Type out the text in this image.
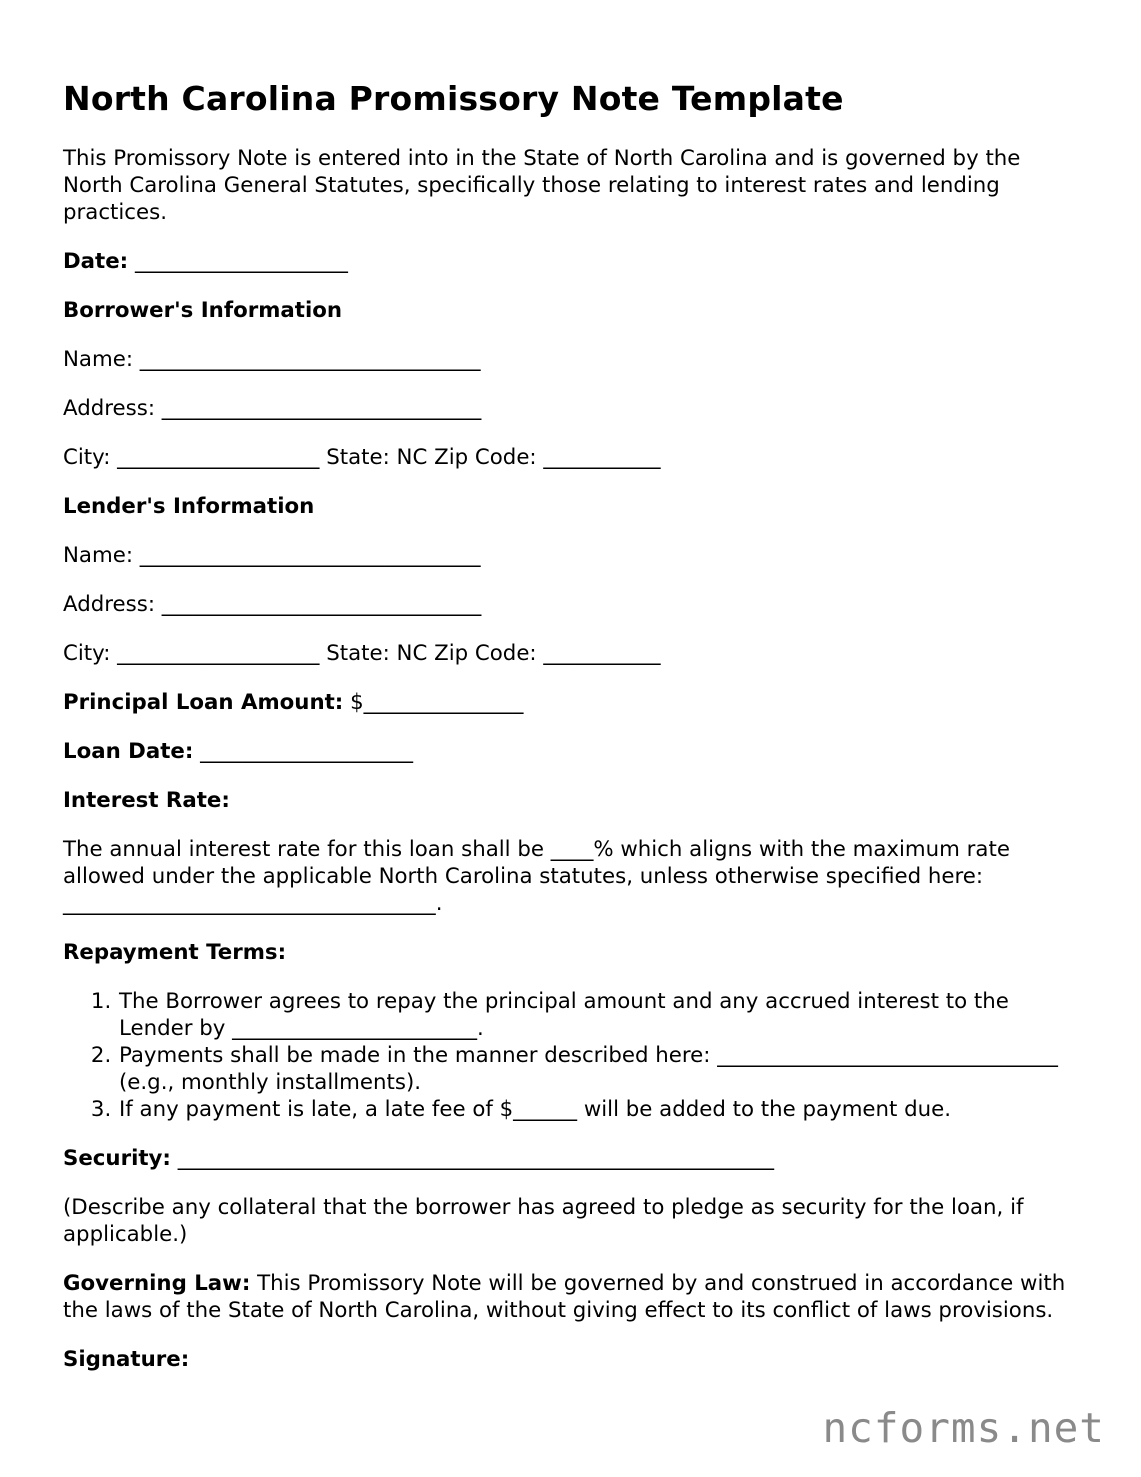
North Carolina Promissory Note Template

This Promissory Note is entered into in the State of North Carolina and is governed by the North Carolina General Statutes, specifically those relating to interest rates and lending practices.

Date: ____________________

Borrower's Information

Name: ________________________________

Address: ______________________________

City: ___________________ State: NC Zip Code: ___________

Lender's Information

Name: ________________________________

Address: ______________________________

City: ___________________ State: NC Zip Code: ___________

Principal Loan Amount: $_______________

Loan Date: ____________________

Interest Rate:

The annual interest rate for this loan shall be ____% which aligns with the maximum rate allowed under the applicable North Carolina statutes, unless otherwise specified here: ___________________________________.

Repayment Terms:

1. The Borrower agrees to repay the principal amount and any accrued interest to the Lender by _______________________.
2. Payments shall be made in the manner described here: ________________________________ (e.g., monthly installments).
3. If any payment is late, a late fee of $______ will be added to the payment due.

Security: ________________________________________________________

(Describe any collateral that the borrower has agreed to pledge as security for the loan, if applicable.)

Governing Law: This Promissory Note will be governed by and construed in accordance with the laws of the State of North Carolina, without giving effect to its conflict of laws provisions.

Signature:

ncforms.net
